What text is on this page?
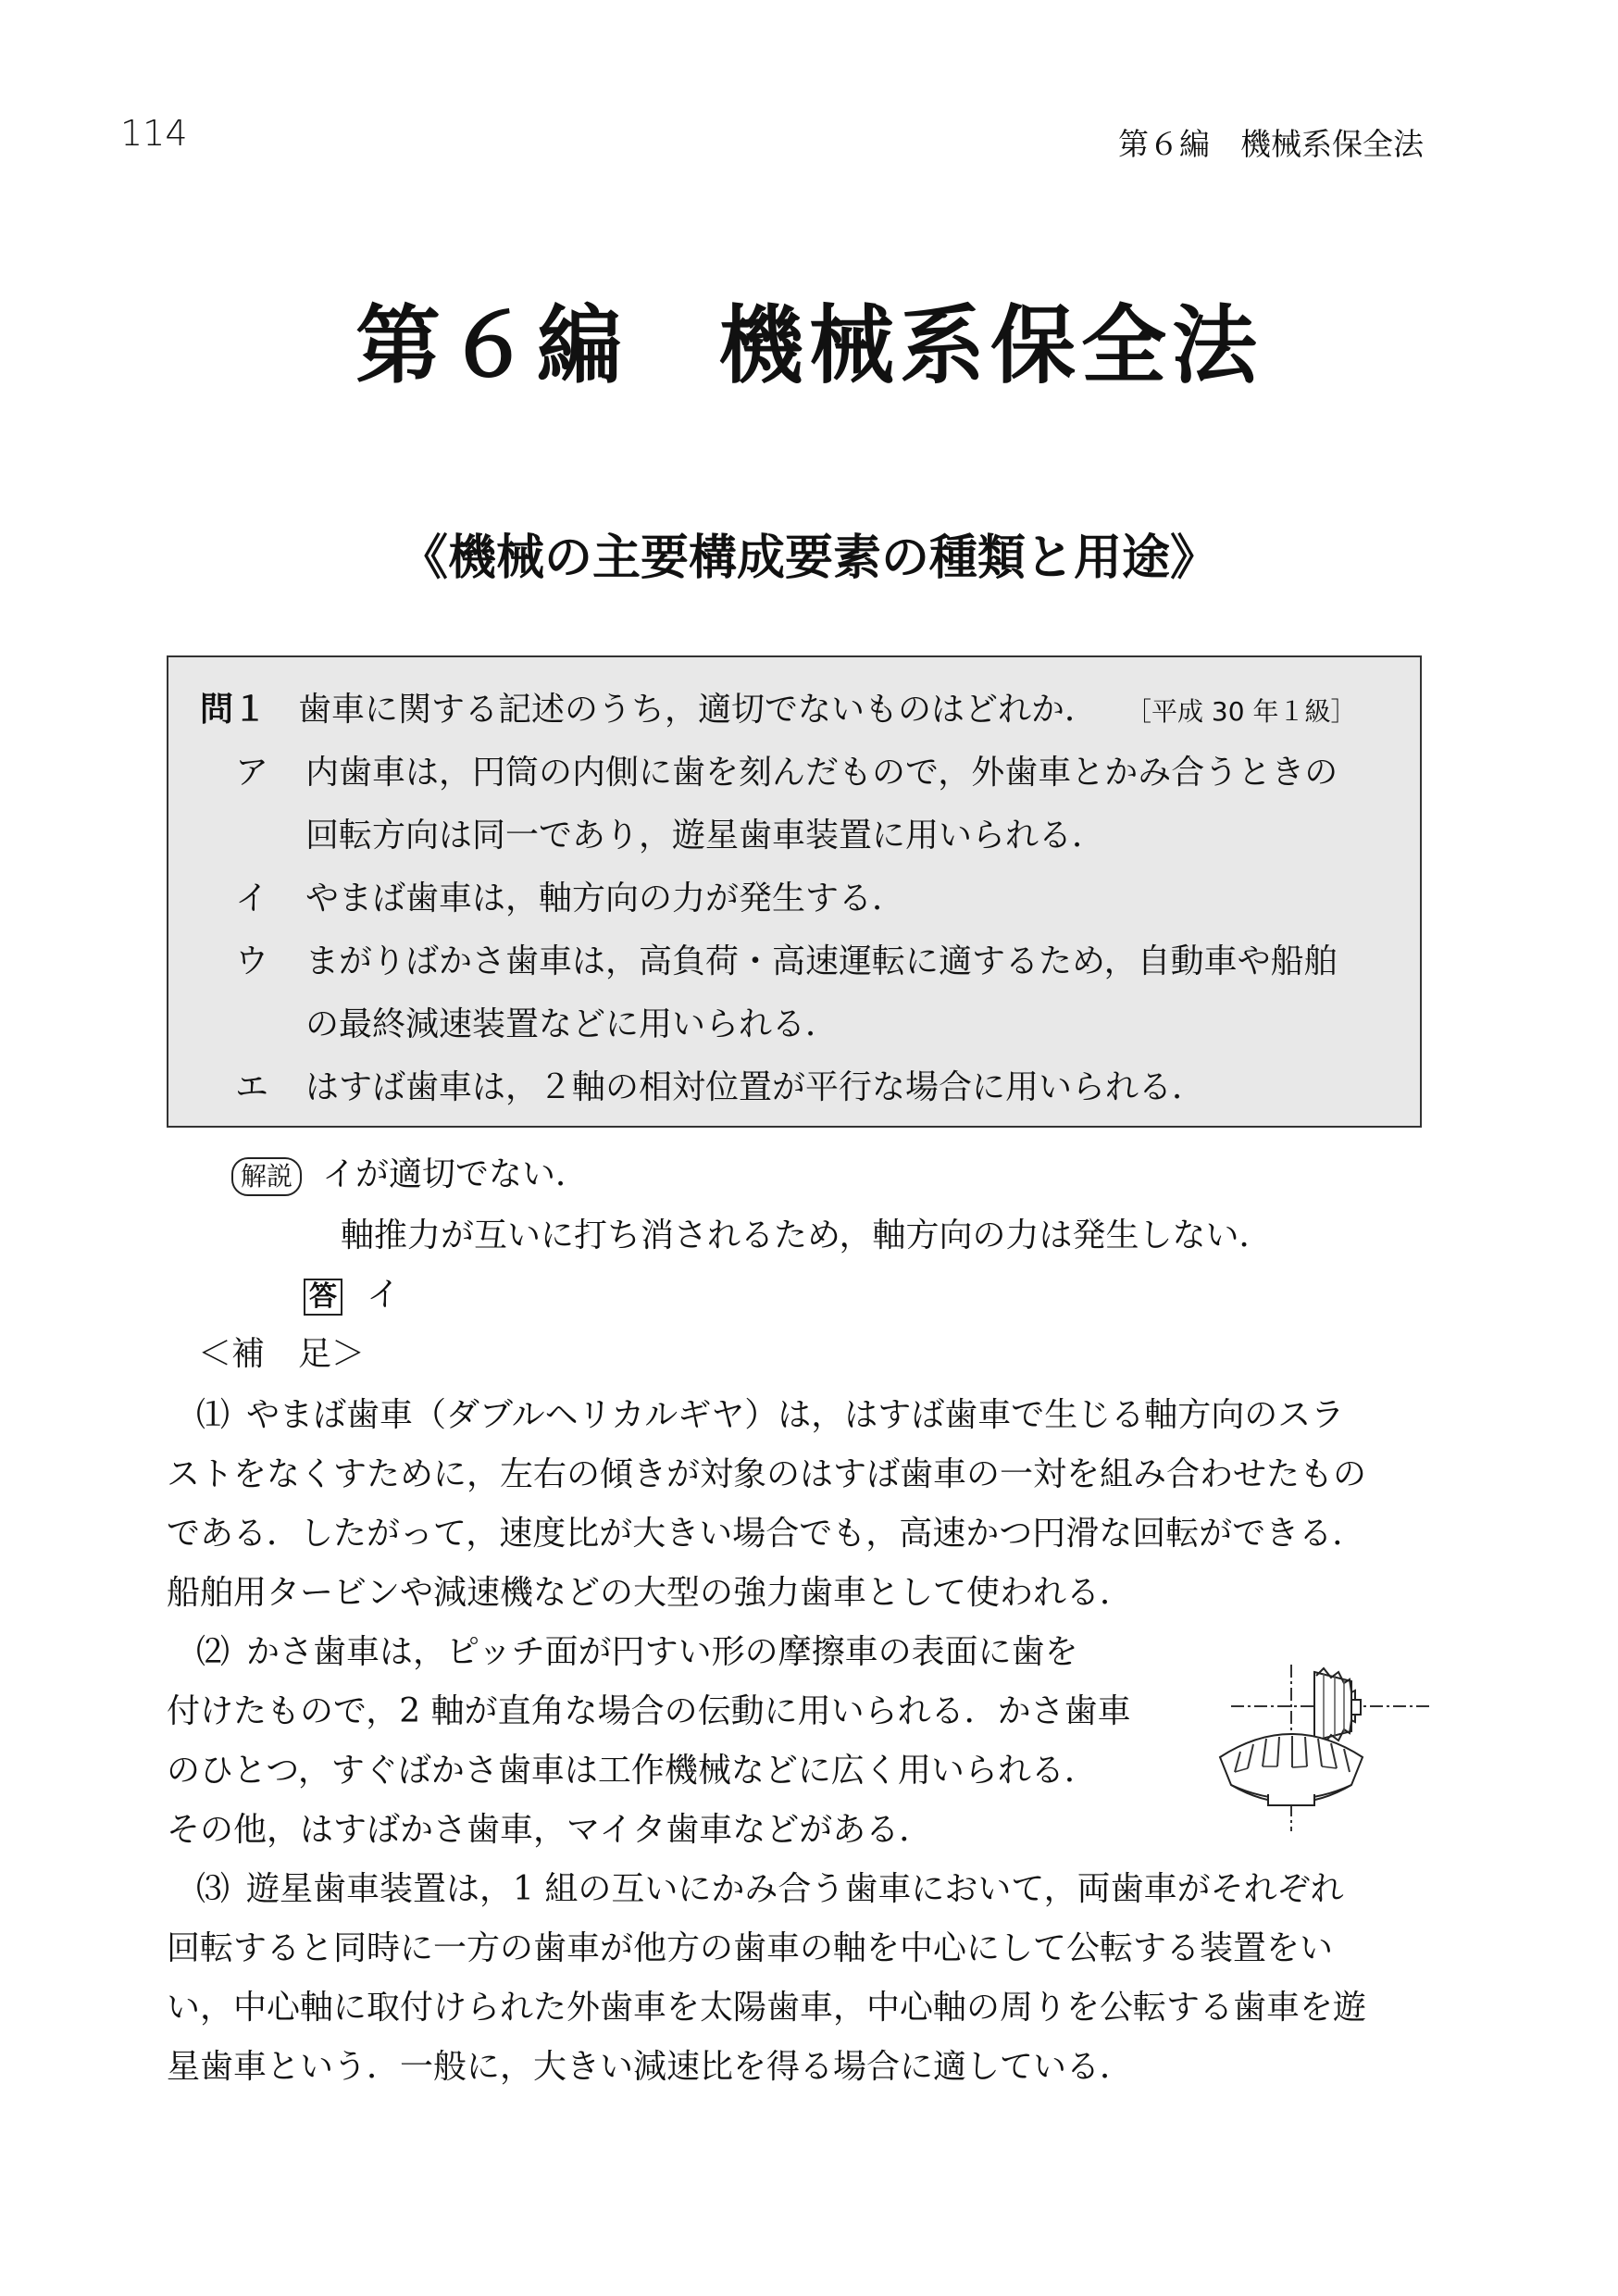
114	第６編　機械系保全法
第６編　機械系保全法
《機械の主要構成要素の種類と用途》
問１ 歯車に関する記述のうち，適切でないものはどれか． ［平成 30 年１級］
ア 内歯車は，円筒の内側に歯を刻んだもので，外歯車とかみ合うときの
回転方向は同一であり，遊星歯車装置に用いられる．
イ やまば歯車は，軸方向の力が発生する．
ウ まがりばかさ歯車は，高負荷・高速運転に適するため，自動車や船舶
の最終減速装置などに用いられる．
エ はすば歯車は，２軸の相対位置が平行な場合に用いられる．
解説 イが適切でない．
軸推力が互いに打ち消されるため，軸方向の力は発生しない．
答 イ
＜補　足＞
⑴ やまば歯車（ダブルヘリカルギヤ）は，はすば歯車で生じる軸方向のスラ
ストをなくすために，左右の傾きが対象のはすば歯車の一対を組み合わせたもの
である．したがって，速度比が大きい場合でも，高速かつ円滑な回転ができる．
船舶用タービンや減速機などの大型の強力歯車として使われる．
⑵ かさ歯車は，ピッチ面が円すい形の摩擦車の表面に歯を
付けたもので，2 軸が直角な場合の伝動に用いられる．かさ歯車
のひとつ，すぐばかさ歯車は工作機械などに広く用いられる．
その他，はすばかさ歯車，マイタ歯車などがある．
⑶ 遊星歯車装置は，1 組の互いにかみ合う歯車において，両歯車がそれぞれ
回転すると同時に一方の歯車が他方の歯車の軸を中心にして公転する装置をい
い，中心軸に取付けられた外歯車を太陽歯車，中心軸の周りを公転する歯車を遊
星歯車という．一般に，大きい減速比を得る場合に適している．
